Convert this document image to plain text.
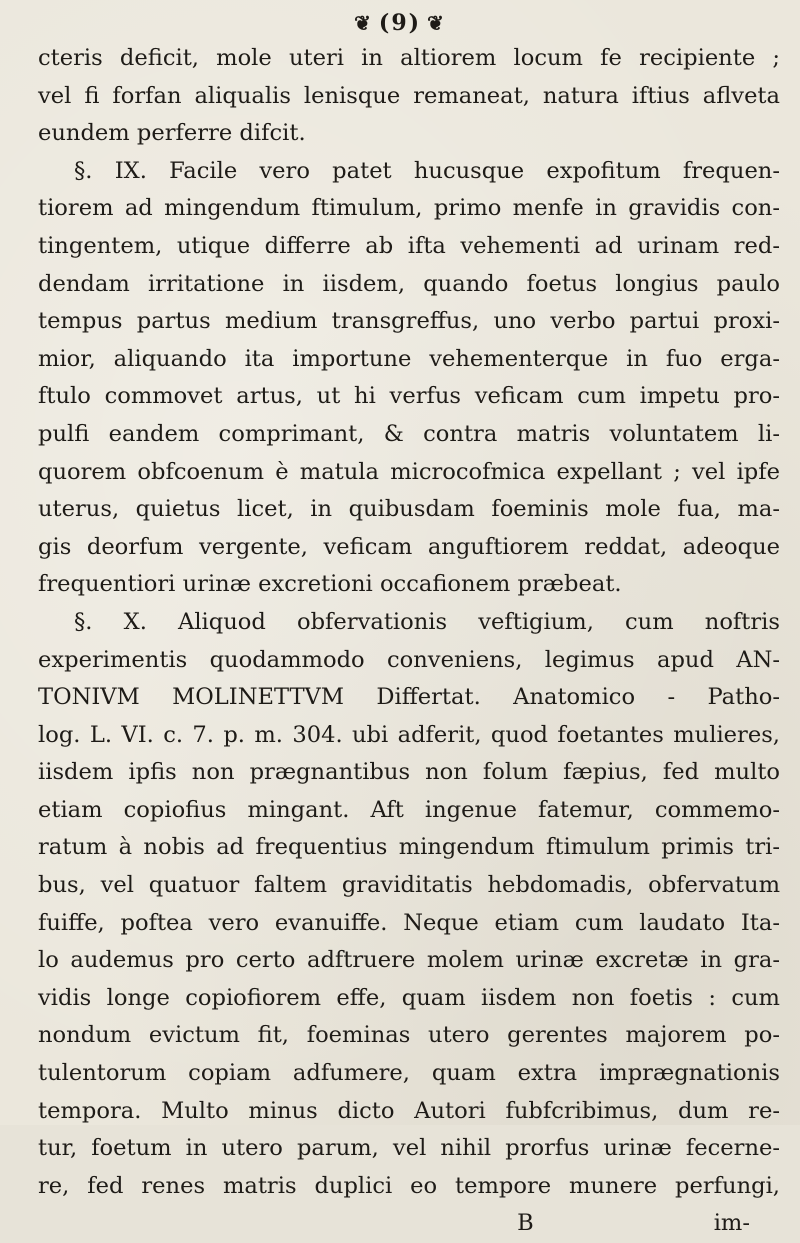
❦ (9) ❦
cteris deficit, mole uteri in altiorem locum fe recipiente ;
vel fi forfan aliqualis lenisque remaneat, natura iftius aflveta
eundem perferre difcit.
§. IX. Facile vero patet hucusque expofitum frequen-
tiorem ad mingendum ftimulum, primo menfe in gravidis con-
tingentem, utique differre ab ifta vehementi ad urinam red-
dendam irritatione in iisdem, quando foetus longius paulo
tempus partus medium transgreffus, uno verbo partui proxi-
mior, aliquando ita importune vehementerque in fuo erga-
ftulo commovet artus, ut hi verfus veficam cum impetu pro-
pulfi eandem comprimant, & contra matris voluntatem li-
quorem obfcoenum è matula microcofmica expellant ; vel ipfe
uterus, quietus licet, in quibusdam foeminis mole fua, ma-
gis deorfum vergente, veficam anguftiorem reddat, adeoque
frequentiori urinæ excretioni occafionem præbeat.
§. X. Aliquod obfervationis veftigium, cum noftris
experimentis quodammodo conveniens, legimus apud AN-
TONIVM MOLINETTVM Differtat. Anatomico - Patho-
log. L. VI. c. 7. p. m. 304. ubi adferit, quod foetantes mulieres,
iisdem ipfis non prægnantibus non folum fæpius, fed multo
etiam copiofius mingant. Aft ingenue fatemur, commemo-
ratum à nobis ad frequentius mingendum ftimulum primis tri-
bus, vel quatuor faltem graviditatis hebdomadis, obfervatum
fuiffe, poftea vero evanuiffe. Neque etiam cum laudato Ita-
lo audemus pro certo adftruere molem urinæ excretæ in gra-
vidis longe copiofiorem effe, quam iisdem non foetis : cum
nondum evictum fit, foeminas utero gerentes majorem po-
tulentorum copiam adfumere, quam extra imprægnationis
tempora. Multo minus dicto Autori fubfcribimus, dum re-
tur, foetum in utero parum, vel nihil prorfus urinæ fecerne-
re, fed renes matris duplici eo tempore munere perfungi,
B	im-
